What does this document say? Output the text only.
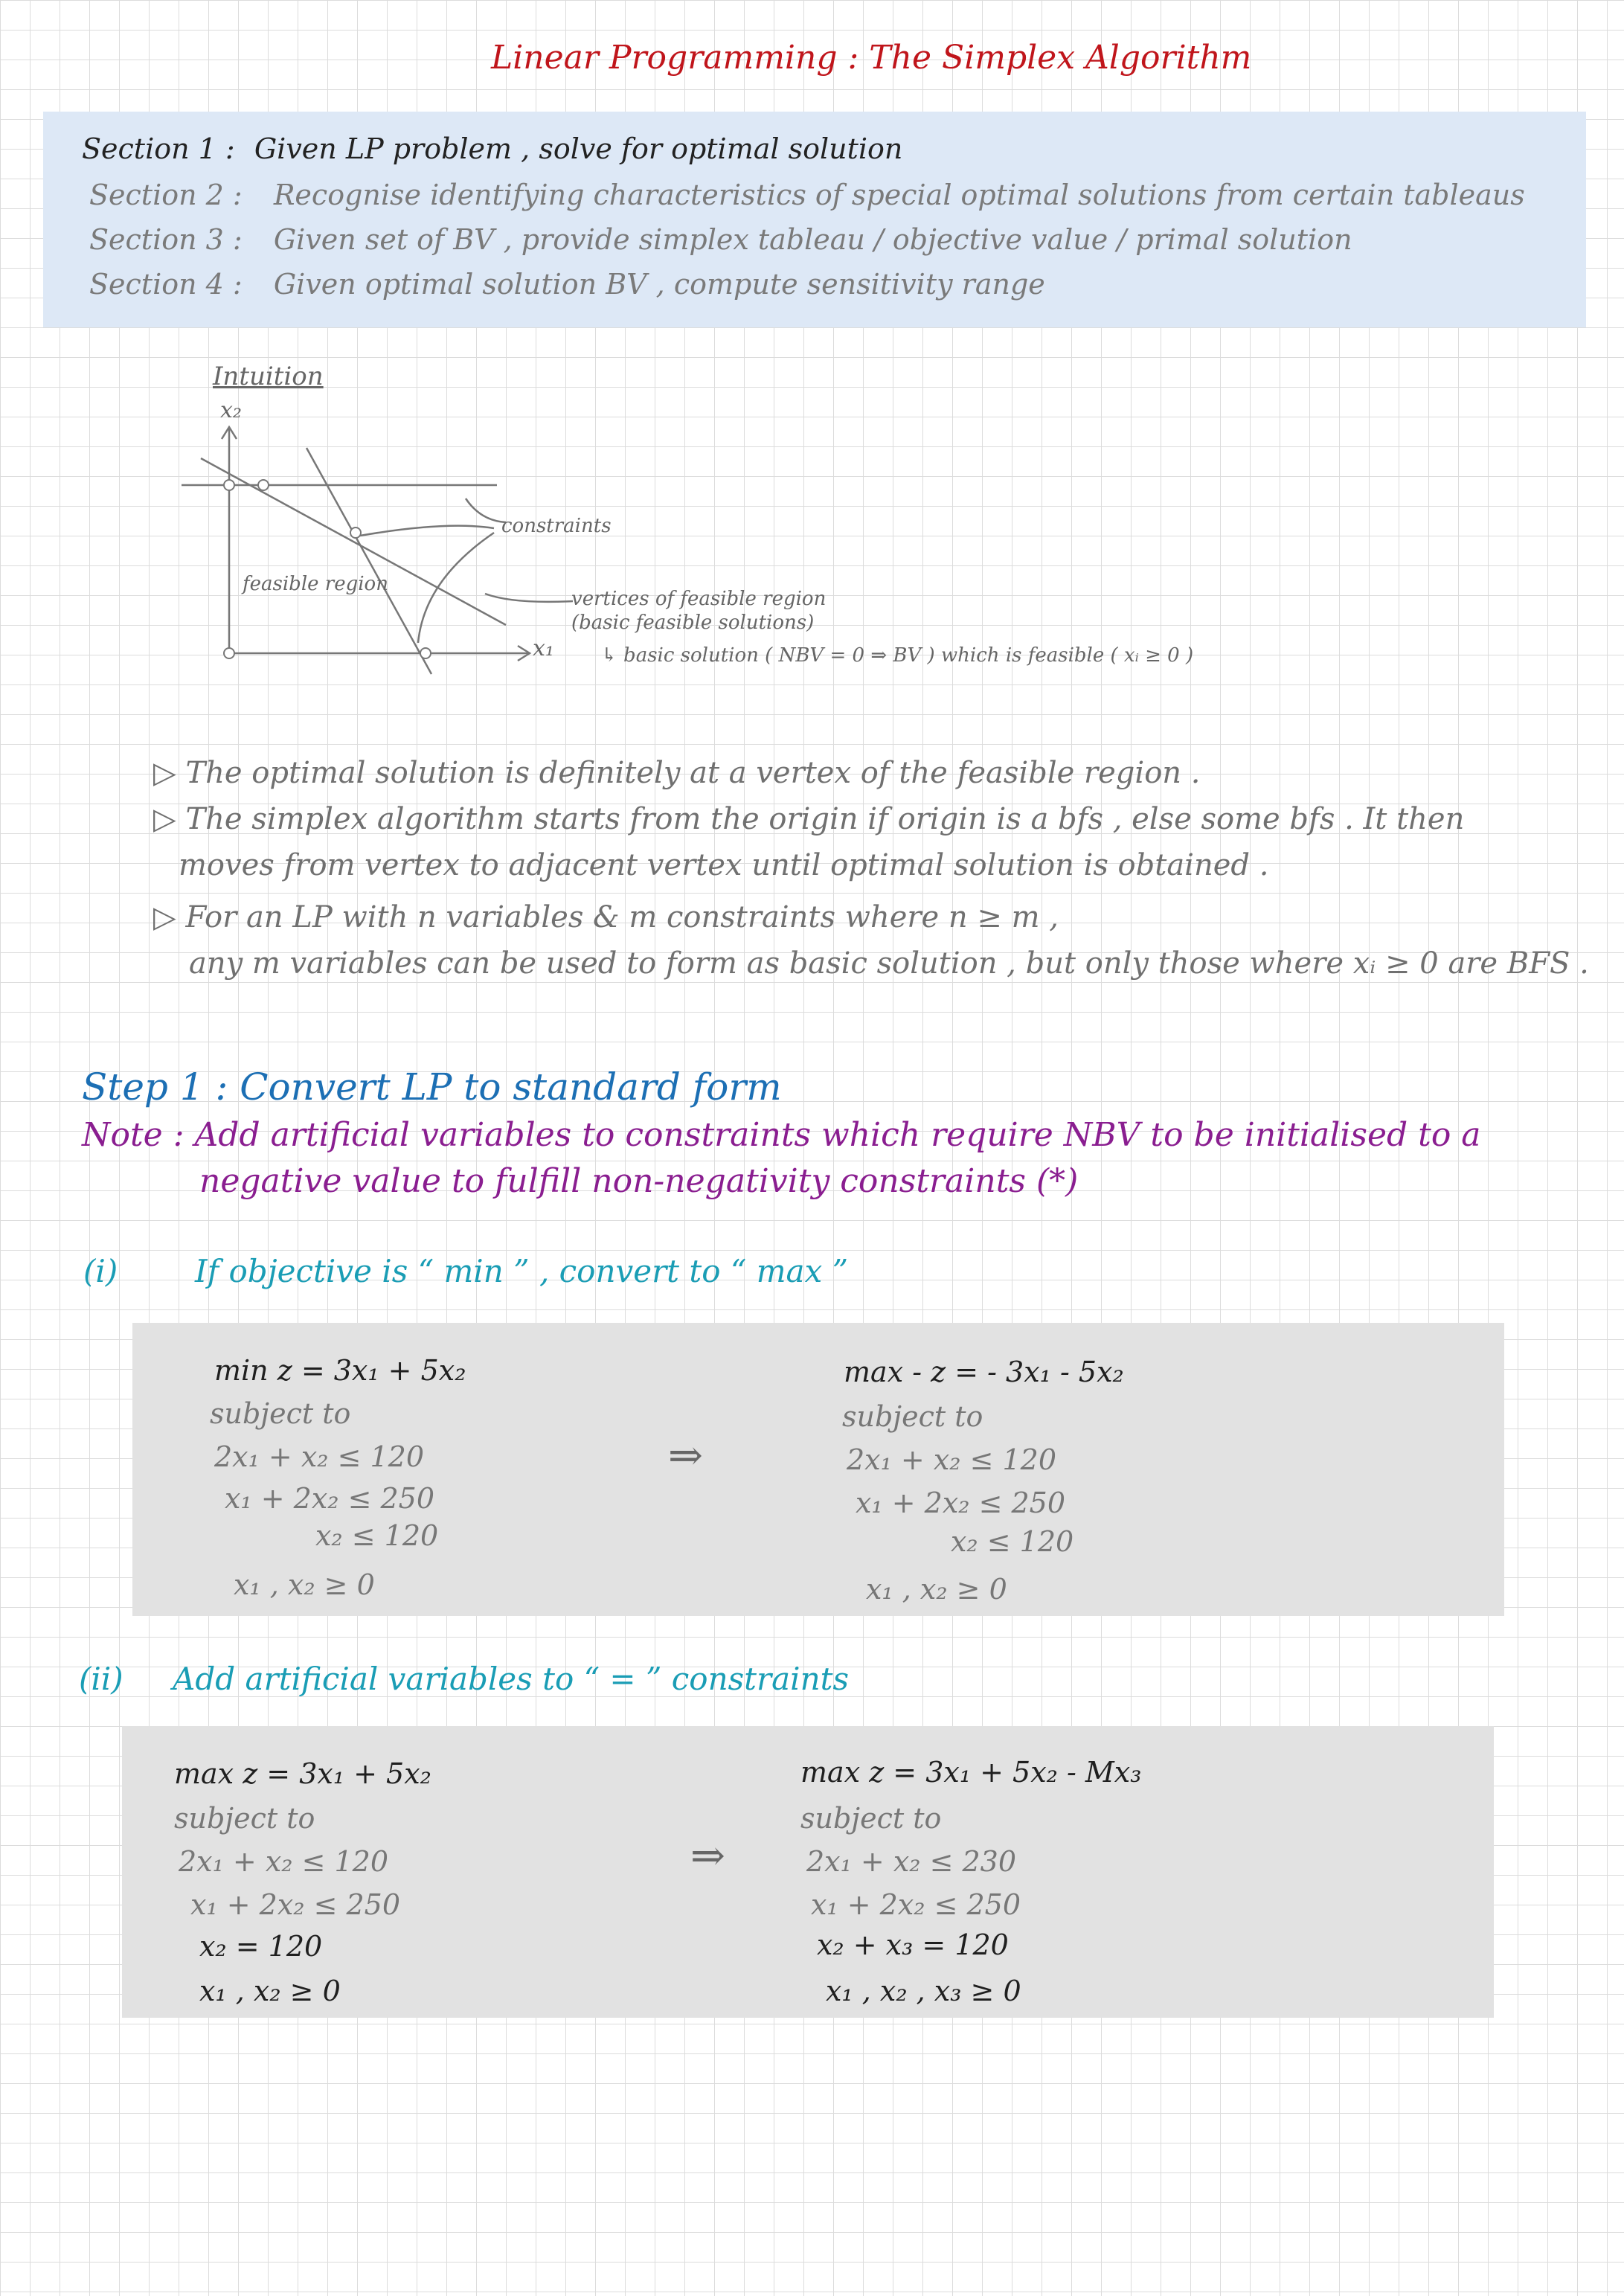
Linear Programming : The Simplex Algorithm
Section 1 : Given LP problem , solve for optimal solution
Section 2 : Recognise identifying characteristics of special optimal solutions from certain tableaus
Section 3 : Given set of BV , provide simplex tableau / objective value / primal solution
Section 4 : Given optimal solution BV , compute sensitivity range
Intuition
x₂
x₁
feasible region
constraints
vertices of feasible region
(basic feasible solutions)
↳ basic solution ( NBV = 0 ⇒ BV ) which is feasible ( xᵢ ≥ 0 )
▷ The optimal solution is definitely at a vertex of the feasible region .
▷ The simplex algorithm starts from the origin if origin is a bfs , else some bfs . It then
moves from vertex to adjacent vertex until optimal solution is obtained .
▷ For an LP with n variables & m constraints where n ≥ m ,
any m variables can be used to form as basic solution , but only those where xᵢ ≥ 0 are BFS .
Step 1 : Convert LP to standard form
Note : Add artificial variables to constraints which require NBV to be initialised to a
negative value to fulfill non-negativity constraints (*)
(i) If objective is “ min ” , convert to “ max ”
min z = 3x₁ + 5x₂
subject to
2x₁ + x₂ ≤ 120
x₁ + 2x₂ ≤ 250
x₂ ≤ 120
x₁ , x₂ ≥ 0
⇒
max - z = - 3x₁ - 5x₂
subject to
2x₁ + x₂ ≤ 120
x₁ + 2x₂ ≤ 250
x₂ ≤ 120
x₁ , x₂ ≥ 0
(ii) Add artificial variables to “ = ” constraints
max z = 3x₁ + 5x₂
subject to
2x₁ + x₂ ≤ 120
x₁ + 2x₂ ≤ 250
x₂ = 120
x₁ , x₂ ≥ 0
⇒
max z = 3x₁ + 5x₂ - Mx₃
subject to
2x₁ + x₂ ≤ 230
x₁ + 2x₂ ≤ 250
x₂ + x₃ = 120
x₁ , x₂ , x₃ ≥ 0
